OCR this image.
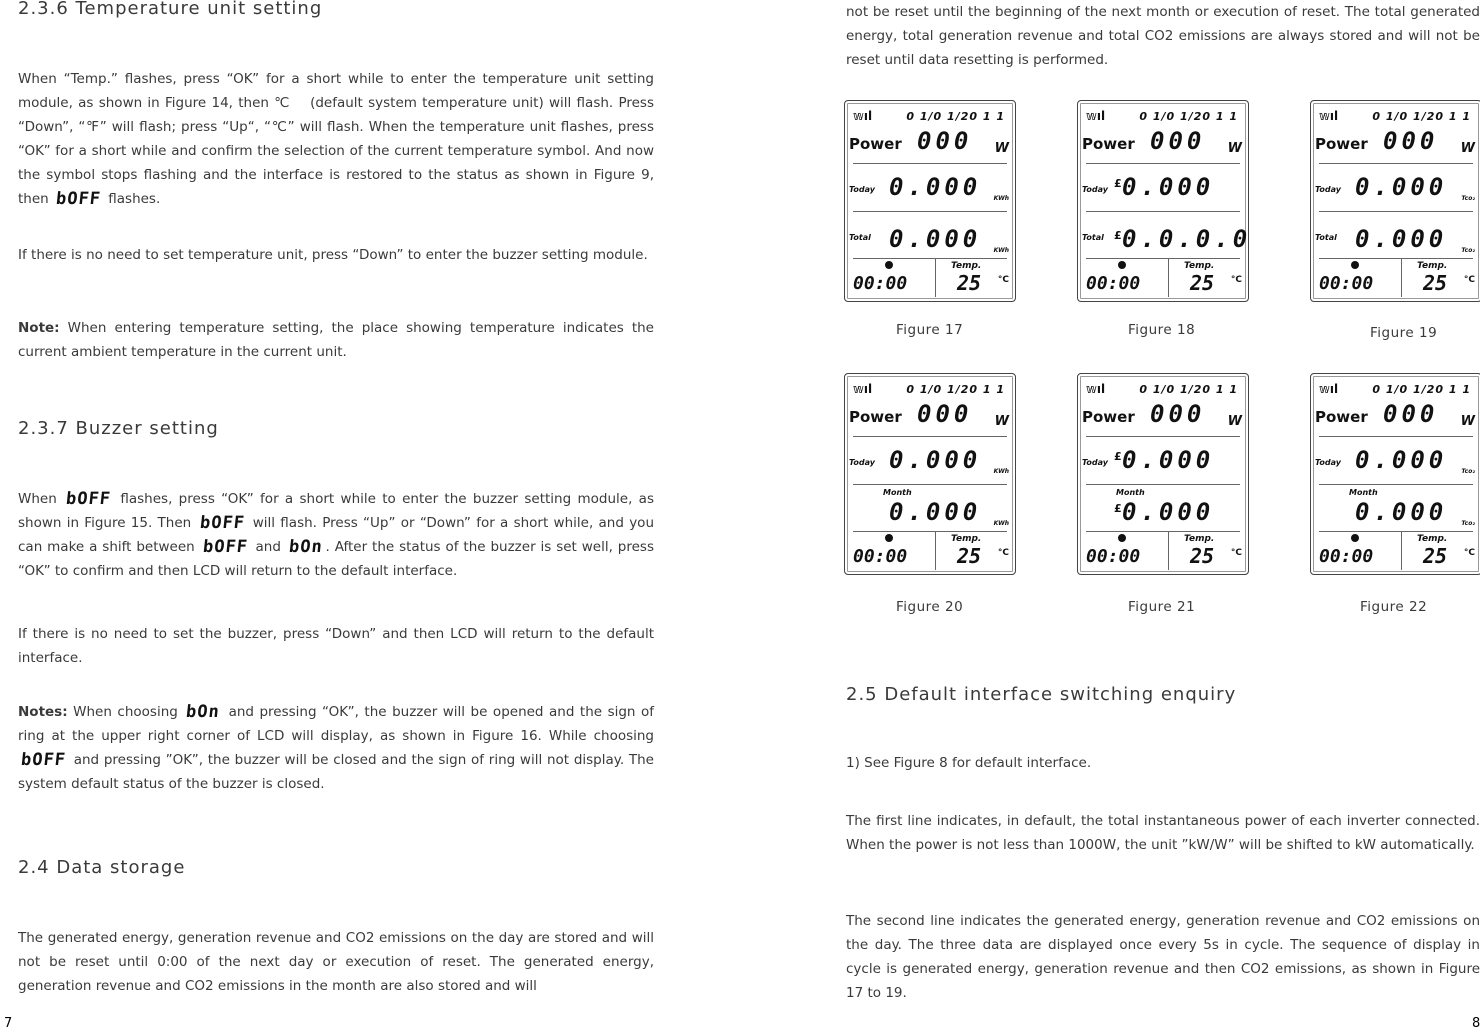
2.3.6 Temperature unit setting

When “Temp.” flashes, press “OK” for a short while to enter the temperature unit setting module, as shown in Figure 14, then ℃ 　(default system temperature unit) will flash. Press “Down”, “℉” will flash; press “Up“, “℃” will flash. When the temperature unit flashes, press “OK” for a short while and confirm the selection of the current temperature symbol. And now the symbol stops flashing and the interface is restored to the status as shown in Figure 9, then bOFF flashes.

If there is no need to set temperature unit, press “Down” to enter the buzzer setting module.

Note: When entering temperature setting, the place showing temperature indicates the current ambient temperature in the current unit.

2.3.7 Buzzer setting

When bOFF flashes, press “OK” for a short while to enter the buzzer setting module, as shown in Figure 15. Then bOFF will flash. Press “Up” or “Down” for a short while, and you can make a shift between bOFF and bOn . After the status of the buzzer is set well, press “OK” to confirm and then LCD will return to the default interface.

If there is no need to set the buzzer, press “Down” and then LCD will return to the default interface.

Notes: When choosing bOn and pressing “OK”, the buzzer will be opened and the sign of ring at the upper right corner of LCD will display, as shown in Figure 16. While choosing bOFF and pressing ”OK”, the buzzer will be closed and the sign of ring will not display. The system default status of the buzzer is closed.

2.4 Data storage

The generated energy, generation revenue and CO2 emissions on the day are stored and will not be reset until 0:00 of the next day or execution of reset. The generated energy, generation revenue and CO2 emissions in the month are also stored and will

7

not be reset until the beginning of the next month or execution of reset. The total generated energy, total generation revenue and total CO2 emissions are always stored and will not be reset until data resetting is performed.

𝕨ıl	0 1/0 1/20 1 1
Power 000 W
Today 0.000 KWh
Total 0.000 KWh
00:00
Temp.
25 °C
Figure 17
𝕨ıl	0 1/0 1/20 1 1
Power 000 W
Today £ 0.000
Total £ 0.0.0.0
00:00
Temp.
25 °C
Figure 18
𝕨ıl	0 1/0 1/20 1 1
Power 000 W
Today 0.000 Tco₂
Total 0.000 Tco₂
00:00
Temp.
25 °C
Figure 19
𝕨ıl	0 1/0 1/20 1 1
Power 000 W
Today 0.000 KWh
Month
0.000 KWh
00:00
Temp.
25 °C
Figure 20
𝕨ıl	0 1/0 1/20 1 1
Power 000 W
Today £ 0.000
Month
£ 0.000
00:00
Temp.
25 °C
Figure 21
𝕨ıl	0 1/0 1/20 1 1
Power 000 W
Today 0.000 Tco₂
Month
0.000 Tco₂
00:00
Temp.
25 °C
Figure 22
2.5 Default interface switching enquiry

1) See Figure 8 for default interface.

The first line indicates, in default, the total instantaneous power of each inverter connected. When the power is not less than 1000W, the unit ”kW/W” will be shifted to kW automatically.

The second line indicates the generated energy, generation revenue and CO2 emissions on the day. The three data are displayed once every 5s in cycle. The sequence of display in cycle is generated energy, generation revenue and then CO2 emissions, as shown in Figure 17 to 19.

8
